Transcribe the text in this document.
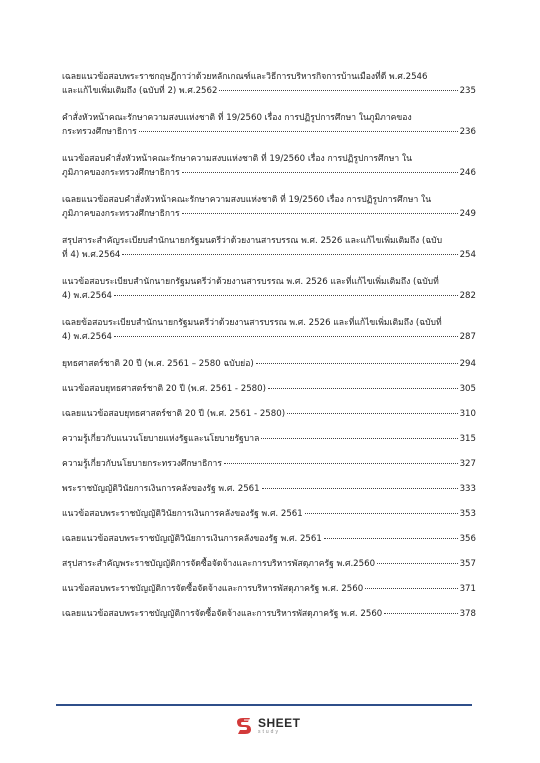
เฉลยแนวข้อสอบพระราชกฤษฎีกาว่าด้วยหลักเกณฑ์และวิธีการบริหารกิจการบ้านเมืองที่ดี พ.ศ.2546
และแก้ไขเพิ่มเติมถึง (ฉบับที่ 2) พ.ศ.2562	235
คำสั่งหัวหน้าคณะรักษาความสงบแห่งชาติ ที่ 19/2560 เรื่อง การปฏิรูปการศึกษา ในภูมิภาคของ
กระทรวงศึกษาธิการ	236
แนวข้อสอบคำสั่งหัวหน้าคณะรักษาความสงบแห่งชาติ ที่ 19/2560 เรื่อง การปฏิรูปการศึกษา ใน
ภูมิภาคของกระทรวงศึกษาธิการ	246
เฉลยแนวข้อสอบคำสั่งหัวหน้าคณะรักษาความสงบแห่งชาติ ที่ 19/2560 เรื่อง การปฏิรูปการศึกษา ใน
ภูมิภาคของกระทรวงศึกษาธิการ	249
สรุปสาระสำคัญระเบียบสำนักนายกรัฐมนตรีว่าด้วยงานสารบรรณ พ.ศ. 2526 และแก้ไขเพิ่มเติมถึง (ฉบับ
ที่ 4) พ.ศ.2564	254
แนวข้อสอบระเบียบสำนักนายกรัฐมนตรีว่าด้วยงานสารบรรณ พ.ศ. 2526 และที่แก้ไขเพิ่มเติมถึง (ฉบับที่
4) พ.ศ.2564	282
เฉลยข้อสอบระเบียบสำนักนายกรัฐมนตรีว่าด้วยงานสารบรรณ พ.ศ. 2526 และที่แก้ไขเพิ่มเติมถึง (ฉบับที่
4) พ.ศ.2564	287
ยุทธศาสตร์ชาติ 20 ปี (พ.ศ. 2561 – 2580 ฉบับย่อ)	294
แนวข้อสอบยุทธศาสตร์ชาติ 20 ปี (พ.ศ. 2561 - 2580)	305
เฉลยแนวข้อสอบยุทธศาสตร์ชาติ 20 ปี (พ.ศ. 2561 - 2580)	310
ความรู้เกี่ยวกับแนวนโยบายแห่งรัฐและนโยบายรัฐบาล	315
ความรู้เกี่ยวกับนโยบายกระทรวงศึกษาธิการ	327
พระราชบัญญัติวินัยการเงินการคลังของรัฐ พ.ศ. 2561	333
แนวข้อสอบพระราชบัญญัติวินัยการเงินการคลังของรัฐ พ.ศ. 2561	353
เฉลยแนวข้อสอบพระราชบัญญัติวินัยการเงินการคลังของรัฐ พ.ศ. 2561	356
สรุปสาระสำคัญพระราชบัญญัติการจัดซื้อจัดจ้างและการบริหารพัสดุภาครัฐ พ.ศ.2560	357
แนวข้อสอบพระราชบัญญัติการจัดซื้อจัดจ้างและการบริหารพัสดุภาครัฐ พ.ศ. 2560	371
เฉลยแนวข้อสอบพระราชบัญญัติการจัดซื้อจัดจ้างและการบริหารพัสดุภาครัฐ พ.ศ. 2560	378
SHEET
study
